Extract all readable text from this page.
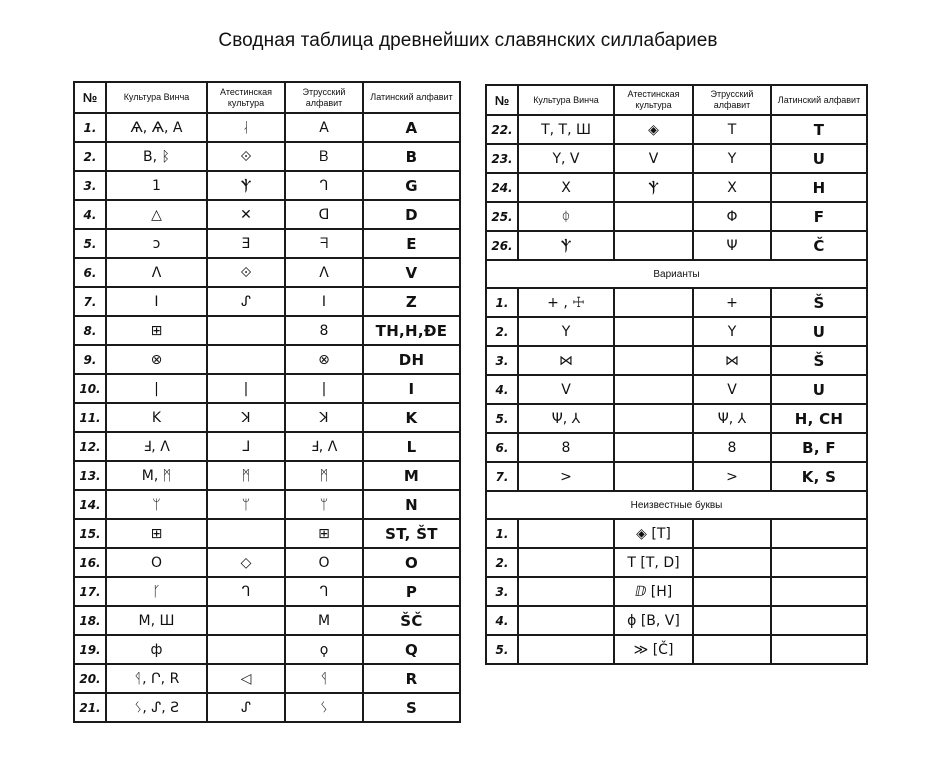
Сводная таблица древнейших славянских силлабариев
№	Культура Винча	Атестинская культура	Этрусский алфавит	Латинский алфавит
1.	Ѧ, Ѧ, A	ᛆ	A	A
2.	B, ᛒ	⟐	Ᏼ	B
3.	1	Ⲯ	ᒉ	G
4.	△	✕	ᗡ	D
5.	ↄ	Ǝ	ᖷ	E
6.	ᐱ	⟐	ᐱ	V
7.	I	ᔑ	I	Z
8.	⊞		8	TH,H,ÐE
9.	⊗		⊗	DH
10.	|	|	|	I
11.	K	ꓘ	ꓘ	K
12.	Ⅎ, Λ	ᒧ	Ⅎ, Λ	L
13.	M, ᛗ	ᛗ	ᛗ	M
14.	ᛘ	ᛘ	ᛘ	N
15.	⊞		⊞	ST, ŠT
16.	O	◇	O	O
17.	ᚴ	ᒉ	ᒉ	P
18.	M, Ш		M	ŠČ
19.	ф		ϙ	Q
20.	ᛩ, Ր, R	◁	ᛩ	R
21.	ᛊ, ᔑ, Ƨ	ᔑ	ᛊ	S
№	Культура Винча	Атестинская культура	Этрусский алфавит	Латинский алфавит
22.	T, T, Ш	◈	T	T
23.	Y, V	V	Y	U
24.	X	Ⲯ	X	H
25.	ᛰ		Φ	F
26.	Ⲯ		Ψ	Č
Варианты				
1.	+ , ☩		+	Š
2.	Y		Y	U
3.	⋈		⋈	Š
4.	V		V	U
5.	Ψ, ⅄		Ψ, ⅄	H, CH
6.	8		8	B, F
7.	>		>	K, S
Неизвестные буквы				
1.		◈ [T]		
2.		T [T, D]		
3.		ⅅ [H]		
4.		ϕ [B, V]		
5.		≫ [Č]		
